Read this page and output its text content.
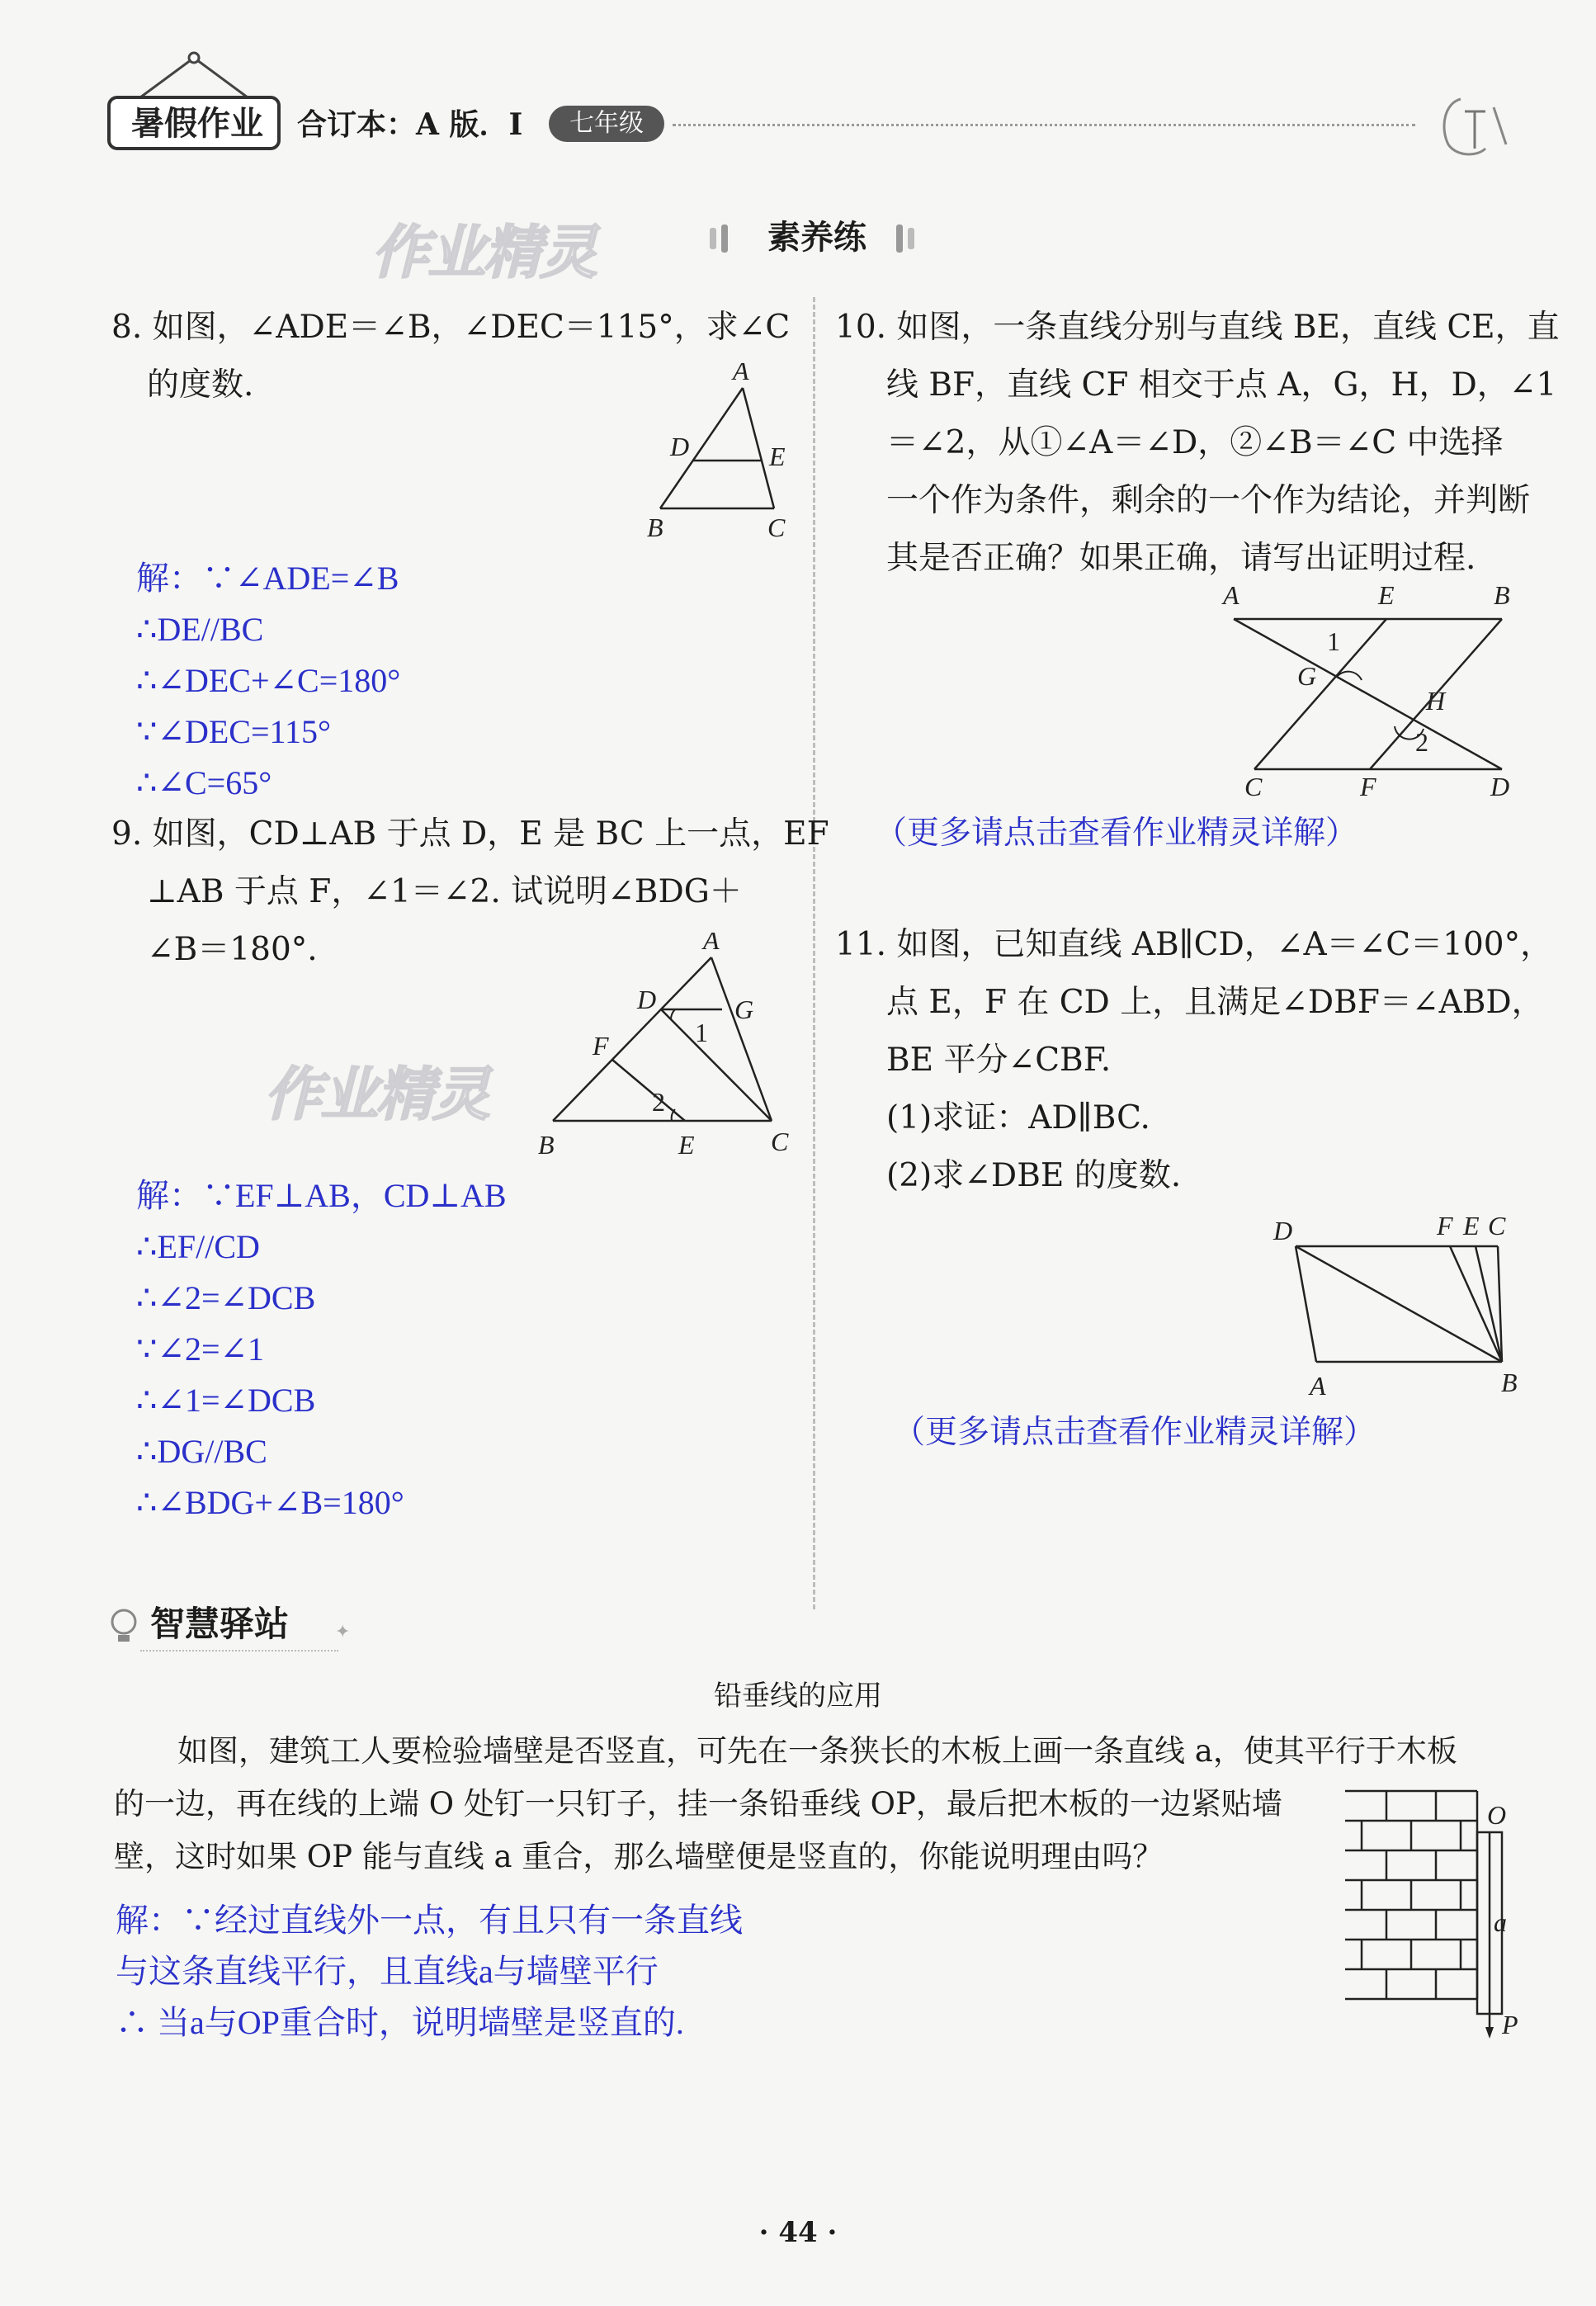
暑假作业	合订本：A 版．I	七年级
作业精灵	素养练
8. 如图，∠ADE＝∠B，∠DEC＝115°，求∠C
的度数.	A
D	E
B	C
解：∵∠ADE=∠B
∴DE//BC
∴∠DEC+∠C=180°
∵∠DEC=115°
∴∠C=65°
9. 如图，CD⊥AB 于点 D，E 是 BC 上一点，EF
⊥AB 于点 F，∠1＝∠2. 试说明∠BDG＋
∠B＝180°.
作业精灵
A
D	G
F	1
2
B	E	C
解：∵EF⊥AB，CD⊥AB
∴EF//CD
∴∠2=∠DCB
∵∠2=∠1
∴∠1=∠DCB
∴DG//BC
∴∠BDG+∠B=180°
10. 如图，一条直线分别与直线 BE，直线 CE，直
线 BF，直线 CF 相交于点 A，G，H，D，∠1
＝∠2，从①∠A＝∠D，②∠B＝∠C 中选择
一个作为条件，剩余的一个作为结论，并判断
其是否正确？如果正确，请写出证明过程.
A	E	B
1
G
H
2
C	F	D
（更多请点击查看作业精灵详解）
11. 如图，已知直线 AB∥CD，∠A＝∠C＝100°，
点 E，F 在 CD 上，且满足∠DBF＝∠ABD，
BE 平分∠CBF.
(1)求证：AD∥BC.
(2)求∠DBE 的度数.
D	F E C
A	B
（更多请点击查看作业精灵详解）
智慧驿站	✦
铅垂线的应用
如图，建筑工人要检验墙壁是否竖直，可先在一条狭长的木板上画一条直线 a，使其平行于木板
的一边，再在线的上端 O 处钉一只钉子，挂一条铅垂线 OP，最后把木板的一边紧贴墙
壁，这时如果 OP 能与直线 a 重合，那么墙壁便是竖直的，你能说明理由吗？
O
a
P
解：∵经过直线外一点，有且只有一条直线
与这条直线平行，且直线a与墙壁平行
∴ 当a与OP重合时，说明墙壁是竖直的.
· 44 ·
